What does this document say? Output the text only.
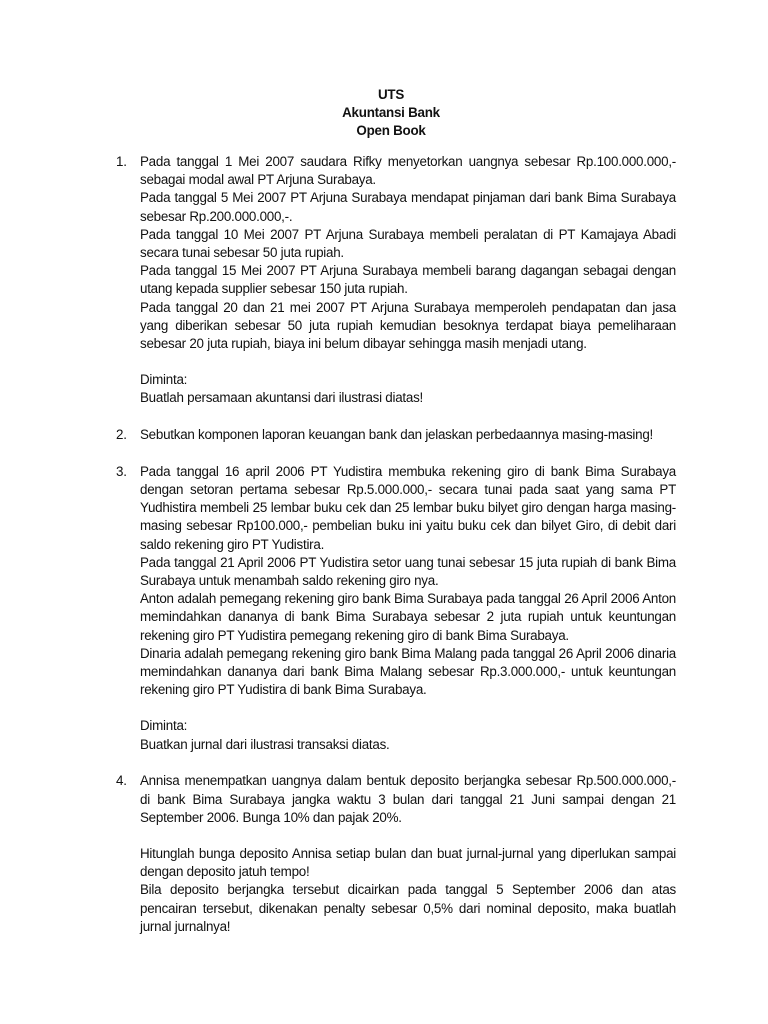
UTS
Akuntansi Bank
Open Book
1. Pada tanggal 1 Mei 2007 saudara Rifky menyetorkan uangnya sebesar Rp.100.000.000,- sebagai modal awal PT Arjuna Surabaya.
Pada tanggal 5 Mei 2007 PT Arjuna Surabaya mendapat pinjaman dari bank Bima Surabaya sebesar Rp.200.000.000,-.
Pada tanggal 10 Mei 2007 PT Arjuna Surabaya membeli peralatan di PT Kamajaya Abadi secara tunai sebesar 50 juta rupiah.
Pada tanggal 15 Mei 2007 PT Arjuna Surabaya membeli barang dagangan sebagai dengan utang kepada supplier sebesar 150 juta rupiah.
Pada tanggal 20 dan 21 mei 2007 PT Arjuna Surabaya memperoleh pendapatan dan jasa yang diberikan sebesar 50 juta rupiah kemudian besoknya terdapat biaya pemeliharaan sebesar 20 juta rupiah, biaya ini belum dibayar sehingga masih menjadi utang.
Diminta:
Buatlah persamaan akuntansi dari ilustrasi diatas!
2. Sebutkan komponen laporan keuangan bank dan jelaskan perbedaannya masing-masing!
3. Pada tanggal 16 april 2006 PT Yudistira membuka rekening giro di bank Bima Surabaya dengan setoran pertama sebesar Rp.5.000.000,- secara tunai pada saat yang sama PT Yudhistira membeli 25 lembar buku cek dan 25 lembar buku bilyet giro dengan harga masing-masing sebesar Rp100.000,- pembelian buku ini yaitu buku cek dan bilyet Giro, di debit dari saldo rekening giro PT Yudistira.
Pada tanggal 21 April 2006 PT Yudistira setor uang tunai sebesar 15 juta rupiah di bank Bima Surabaya untuk menambah saldo rekening giro nya.
Anton adalah pemegang rekening giro bank Bima Surabaya pada tanggal 26 April 2006 Anton memindahkan dananya di bank Bima Surabaya sebesar 2 juta rupiah untuk keuntungan rekening giro PT Yudistira pemegang rekening giro di bank Bima Surabaya.
Dinaria adalah pemegang rekening giro bank Bima Malang pada tanggal 26 April 2006 dinaria memindahkan dananya dari bank Bima Malang sebesar Rp.3.000.000,- untuk keuntungan rekening giro PT Yudistira di bank Bima Surabaya.
Diminta:
Buatkan jurnal dari ilustrasi transaksi diatas.
4. Annisa menempatkan uangnya dalam bentuk deposito berjangka sebesar Rp.500.000.000,- di bank Bima Surabaya jangka waktu 3 bulan dari tanggal 21 Juni sampai dengan 21 September 2006. Bunga 10% dan pajak 20%.
Hitunglah bunga deposito Annisa setiap bulan dan buat jurnal-jurnal yang diperlukan sampai dengan deposito jatuh tempo!
Bila deposito berjangka tersebut dicairkan pada tanggal 5 September 2006 dan atas pencairan tersebut, dikenakan penalty sebesar 0,5% dari nominal deposito, maka buatlah jurnal jurnalnya!
